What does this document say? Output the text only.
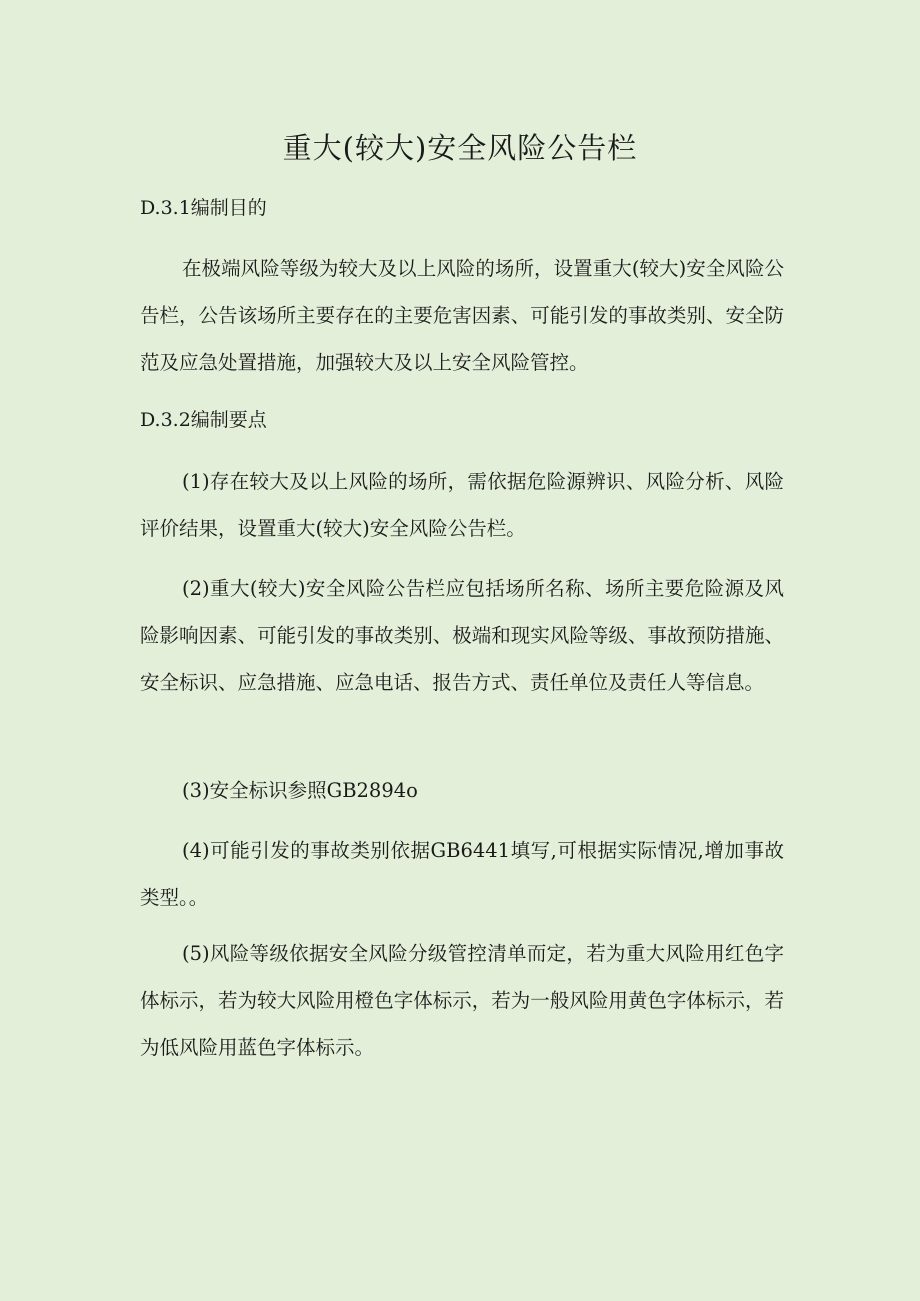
重大(较大)安全风险公告栏
D.3.1编制目的

在极端风险等级为较大及以上风险的场所，设置重大(较大)安全风险公告栏，公告该场所主要存在的主要危害因素、可能引发的事故类别、安全防范及应急处置措施，加强较大及以上安全风险管控。

D.3.2编制要点

(1)存在较大及以上风险的场所，需依据危险源辨识、风险分析、风险评价结果，设置重大(较大)安全风险公告栏。

(2)重大(较大)安全风险公告栏应包括场所名称、场所主要危险源及风险影响因素、可能引发的事故类别、极端和现实风险等级、事故预防措施、安全标识、应急措施、应急电话、报告方式、责任单位及责任人等信息。

(3)安全标识参照GB2894o

(4)可能引发的事故类别依据GB6441填写,可根据实际情况,增加事故类型。。

(5)风险等级依据安全风险分级管控清单而定，若为重大风险用红色字体标示，若为较大风险用橙色字体标示，若为一般风险用黄色字体标示，若为低风险用蓝色字体标示。
